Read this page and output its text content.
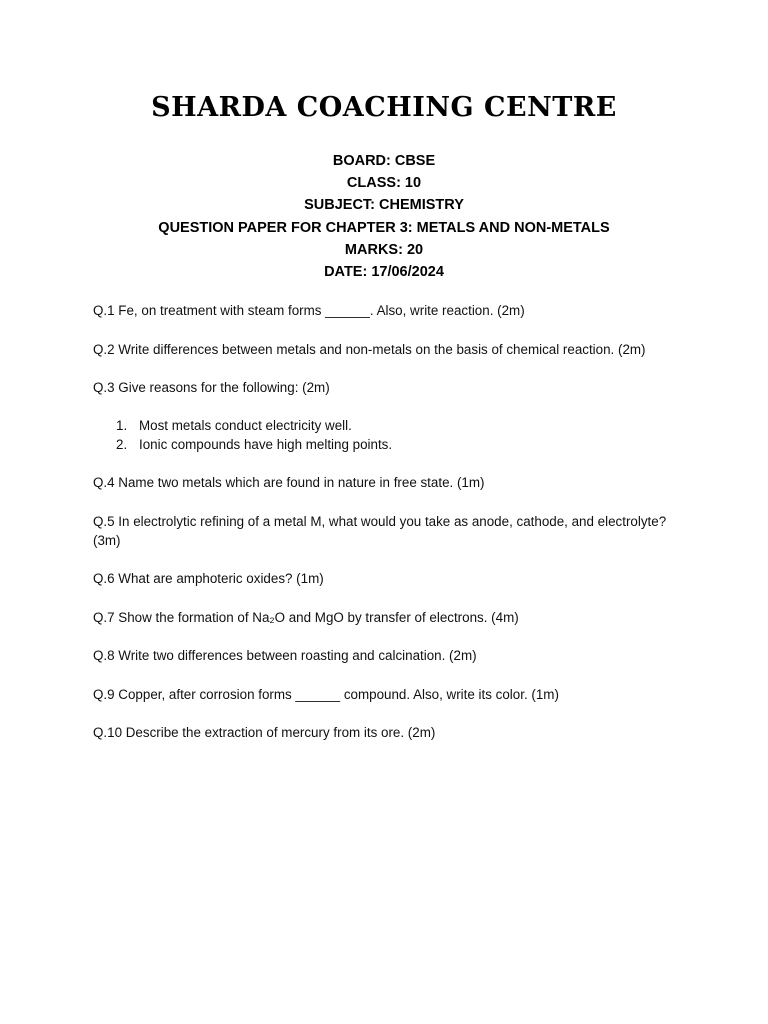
SHARDA COACHING CENTRE
BOARD: CBSE
CLASS: 10
SUBJECT: CHEMISTRY
QUESTION PAPER FOR CHAPTER 3: METALS AND NON-METALS
MARKS: 20
DATE: 17/06/2024

Q.1 Fe, on treatment with steam forms ______. Also, write reaction. (2m)

Q.2 Write differences between metals and non-metals on the basis of chemical reaction. (2m)

Q.3 Give reasons for the following: (2m)

1. Most metals conduct electricity well.
2. Ionic compounds have high melting points.

Q.4 Name two metals which are found in nature in free state. (1m)

Q.5 In electrolytic refining of a metal M, what would you take as anode, cathode, and electrolyte? (3m)

Q.6 What are amphoteric oxides? (1m)

Q.7 Show the formation of Na₂O and MgO by transfer of electrons. (4m)

Q.8 Write two differences between roasting and calcination. (2m)

Q.9 Copper, after corrosion forms ______ compound. Also, write its color. (1m)

Q.10 Describe the extraction of mercury from its ore. (2m)
